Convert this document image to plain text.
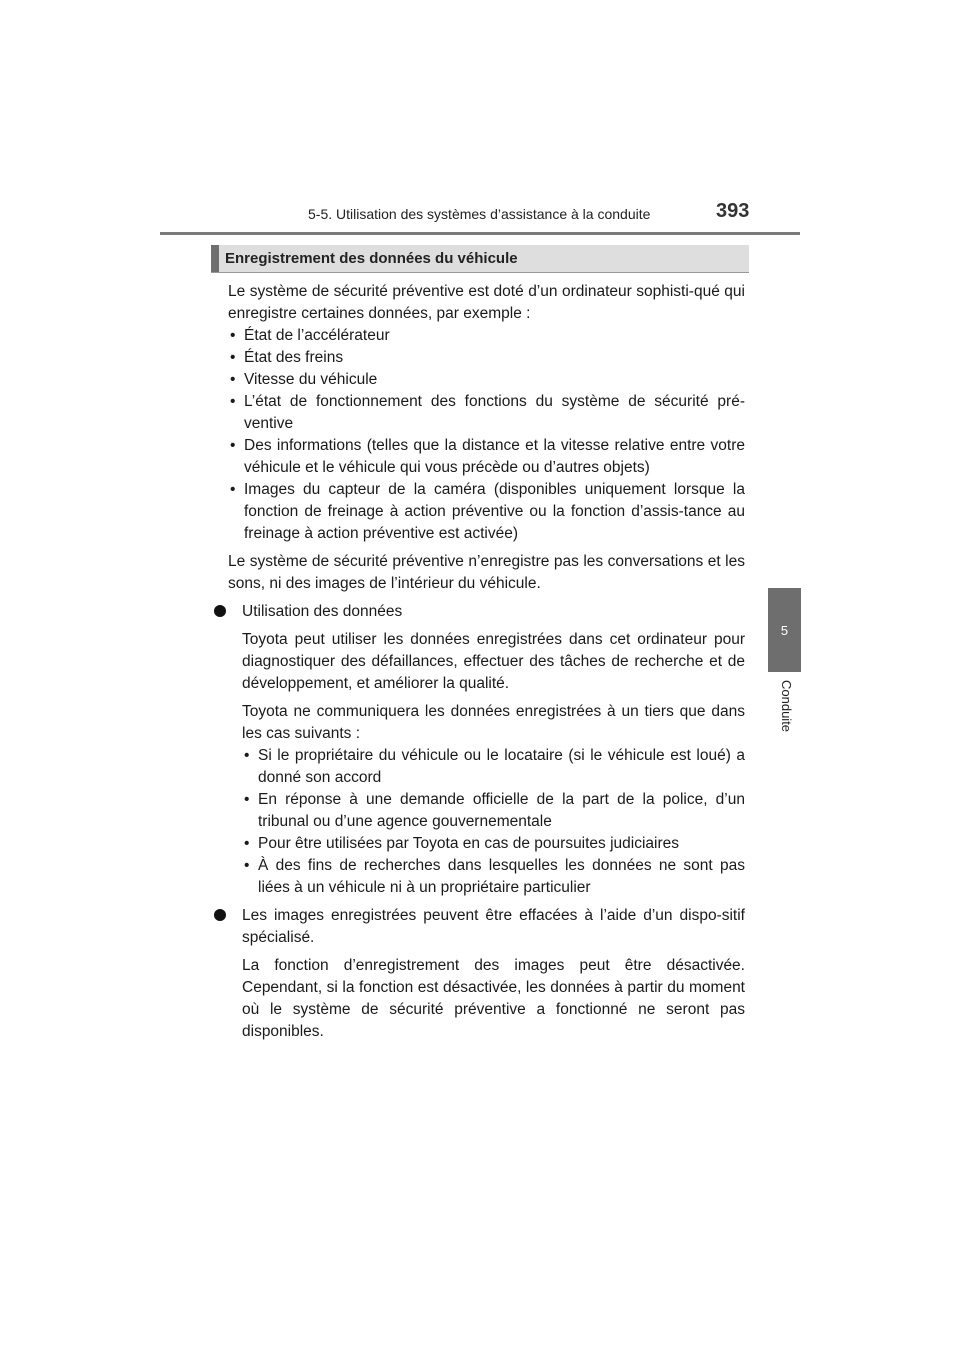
5-5. Utilisation des systèmes d’assistance à la conduite	393
5
Conduite
Enregistrement des données du véhicule

Le système de sécurité préventive est doté d’un ordinateur sophisti-qué qui enregistre certaines données, par exemple :

• État de l’accélérateur
• État des freins
• Vitesse du véhicule
• L’état de fonctionnement des fonctions du système de sécurité pré-ventive
• Des informations (telles que la distance et la vitesse relative entre votre véhicule et le véhicule qui vous précède ou d’autres objets)
• Images du capteur de la caméra (disponibles uniquement lorsque la fonction de freinage à action préventive ou la fonction d’assis-tance au freinage à action préventive est activée)

Le système de sécurité préventive n’enregistre pas les conversations et les sons, ni des images de l’intérieur du véhicule.

Utilisation des données

Toyota peut utiliser les données enregistrées dans cet ordinateur pour diagnostiquer des défaillances, effectuer des tâches de recherche et de développement, et améliorer la qualité.

Toyota ne communiquera les données enregistrées à un tiers que dans les cas suivants :

• Si le propriétaire du véhicule ou le locataire (si le véhicule est loué) a donné son accord
• En réponse à une demande officielle de la part de la police, d’un tribunal ou d’une agence gouvernementale
• Pour être utilisées par Toyota en cas de poursuites judiciaires
• À des fins de recherches dans lesquelles les données ne sont pas liées à un véhicule ni à un propriétaire particulier
Les images enregistrées peuvent être effacées à l’aide d’un dispo-sitif spécialisé.

La fonction d’enregistrement des images peut être désactivée. Cependant, si la fonction est désactivée, les données à partir du moment où le système de sécurité préventive a fonctionné ne seront pas disponibles.
